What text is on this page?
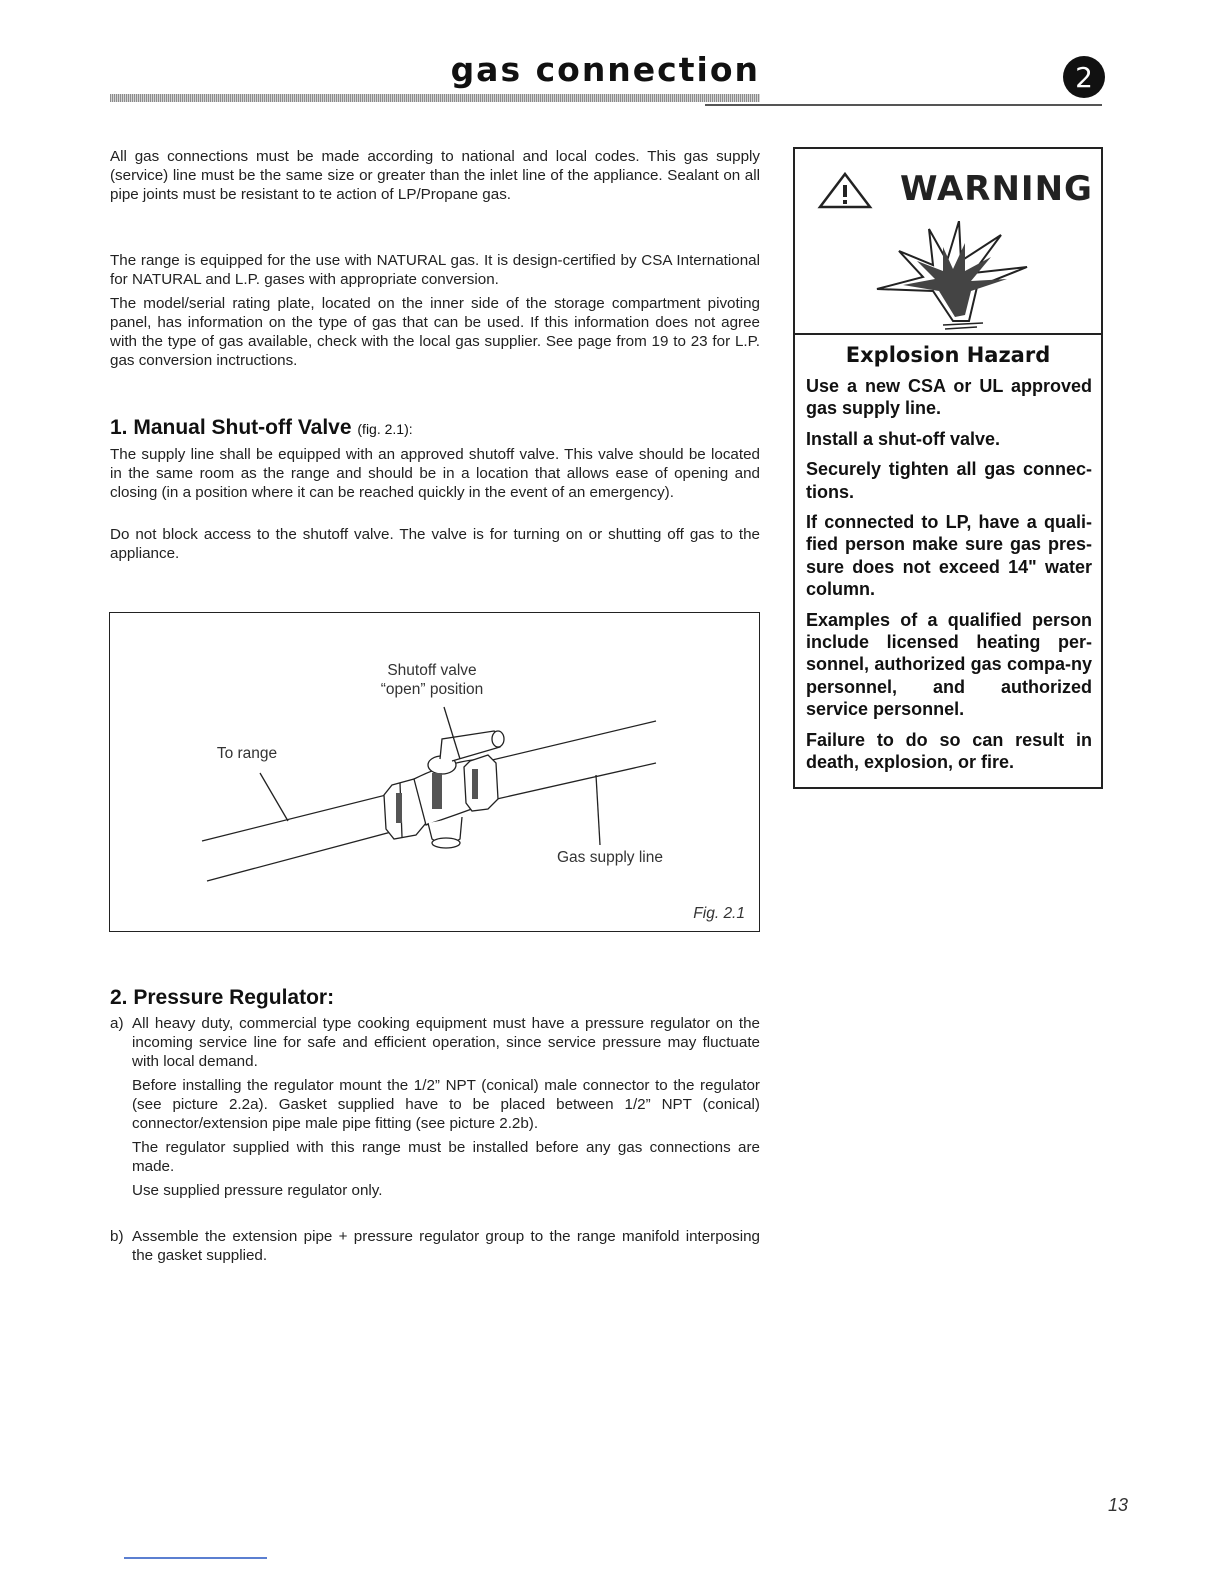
gas connection	2
All gas connections must be made according to national and local codes. This gas supply (service) line must be the same size or greater than the inlet line of the appliance. Sealant on all pipe joints must be resistant to te action of LP/Propane gas.
The range is equipped for the use with NATURAL gas. It is design-certified by CSA International for NATURAL and L.P. gases with appropriate conversion.
The model/serial rating plate, located on the inner side of the storage compartment pivoting panel, has information on the type of gas that can be used. If this information does not agree with the type of gas available, check with the local gas supplier. See page from 19 to 23 for L.P. gas conversion inctructions.
1. Manual Shut-off Valve (fig. 2.1):
The supply line shall be equipped with an approved shutoff valve. This valve should be located in the same room as the range and should be in a location that allows ease of opening and closing (in a position where it can be reached quickly in the event of an emergency).
Do not block access to the shutoff valve. The valve is for turning on or shutting off gas to the appliance.
Shutoff valve
“open” position
To range
Gas supply line
Fig. 2.1
2. Pressure Regulator:
a) All heavy duty, commercial type cooking equipment must have a pressure regulator on the incoming service line for safe and efficient operation, since service pressure may fluctuate with local demand.

Before installing the regulator mount the 1/2” NPT (conical) male connector to the regulator (see picture 2.2a). Gasket supplied have to be placed between 1/2” NPT (conical) connector/extension pipe male pipe fitting (see picture 2.2b).

The regulator supplied with this range must be installed before any gas connections are made.

Use supplied pressure regulator only.

b) Assemble the extension pipe + pressure regulator group to the range manifold interposing the gasket supplied.

WARNING
Explosion Hazard

Use a new CSA or UL approved gas supply line.

Install a shut-off valve.

Securely tighten all gas connec-tions.

If connected to LP, have a quali-fied person make sure gas pres-sure does not exceed 14" water column.

Examples of a qualified person include licensed heating per-sonnel, authorized gas compa-ny personnel, and authorized service personnel.

Failure to do so can result in death, explosion, or fire.

13
